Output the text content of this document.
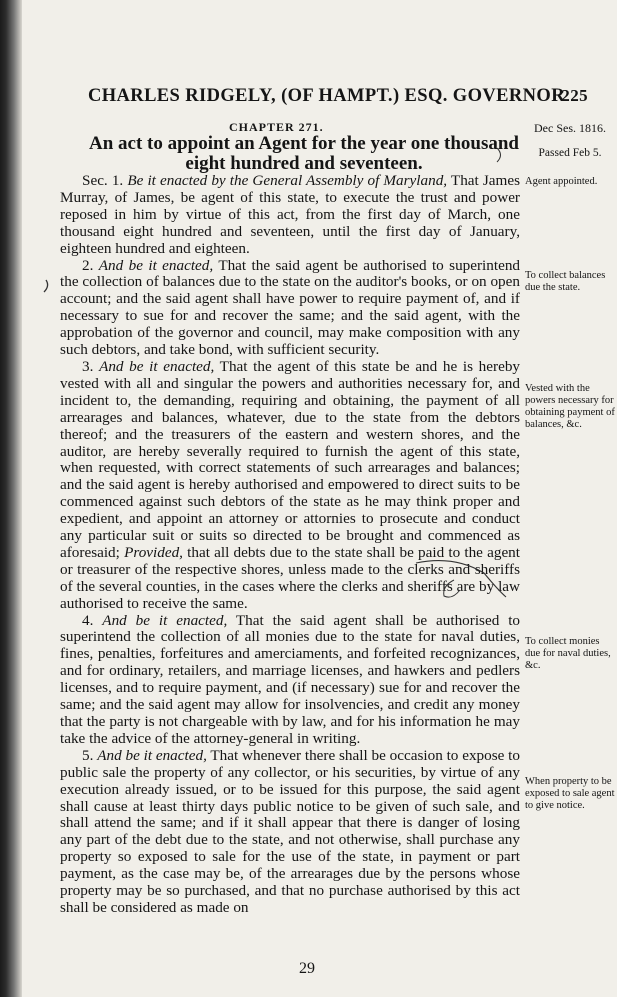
CHARLES RIDGELY, (OF HAMPT.) ESQ. GOVERNOR
225
CHAPTER 271.	Dec Ses. 1816.
Passed Feb 5.
An act to appoint an Agent for the year one thousand eight hundred and seventeen.

Sec. 1. Be it enacted by the General Assembly of Maryland, That James Murray, of James, be agent of this state, to execute the trust and power reposed in him by virtue of this act, from the first day of March, one thousand eight hundred and seventeen, until the first day of January, eighteen hundred and eighteen.

2. And be it enacted, That the said agent be authorised to superintend the collection of balances due to the state on the auditor's books, or on open account; and the said agent shall have power to require payment of, and if necessary to sue for and recover the same; and the said agent, with the approbation of the governor and council, may make composition with any such debtors, and take bond, with sufficient security.

3. And be it enacted, That the agent of this state be and he is hereby vested with all and singular the powers and authorities necessary for, and incident to, the demanding, requiring and obtaining, the payment of all arrearages and balances, whatever, due to the state from the debtors thereof; and the treasurers of the eastern and western shores, and the auditor, are hereby severally required to furnish the agent of this state, when requested, with correct statements of such arrearages and balances; and the said agent is hereby authorised and empowered to direct suits to be commenced against such debtors of the state as he may think proper and expedient, and appoint an attorney or attornies to prosecute and conduct any particular suit or suits so directed to be brought and commenced as aforesaid; Provided, that all debts due to the state shall be paid to the agent or treasurer of the respective shores, unless made to the clerks and sheriffs of the several counties, in the cases where the clerks and sheriffs are by law authorised to receive the same.

4. And be it enacted, That the said agent shall be authorised to superintend the collection of all monies due to the state for naval duties, fines, penalties, forfeitures and amerciaments, and forfeited recognizances, and for ordinary, retailers, and marriage licenses, and hawkers and pedlers licenses, and to require payment, and (if necessary) sue for and recover the same; and the said agent may allow for insolvencies, and credit any money that the party is not chargeable with by law, and for his information he may take the advice of the attorney-general in writing.

5. And be it enacted, That whenever there shall be occasion to expose to public sale the property of any collector, or his securities, by virtue of any execution already issued, or to be issued for this purpose, the said agent shall cause at least thirty days public notice to be given of such sale, and shall attend the same; and if it shall appear that there is danger of losing any part of the debt due to the state, and not otherwise, shall purchase any property so exposed to sale for the use of the state, in payment or part payment, as the case may be, of the arrearages due by the persons whose property may be so purchased, and that no purchase authorised by this act shall be considered as made on

Agent appointed.
To collect balances due the state.
Vested with the powers necessary for obtaining payment of balances, &c.
To collect monies due for naval duties, &c.
When property to be exposed to sale agent to give notice.
29
